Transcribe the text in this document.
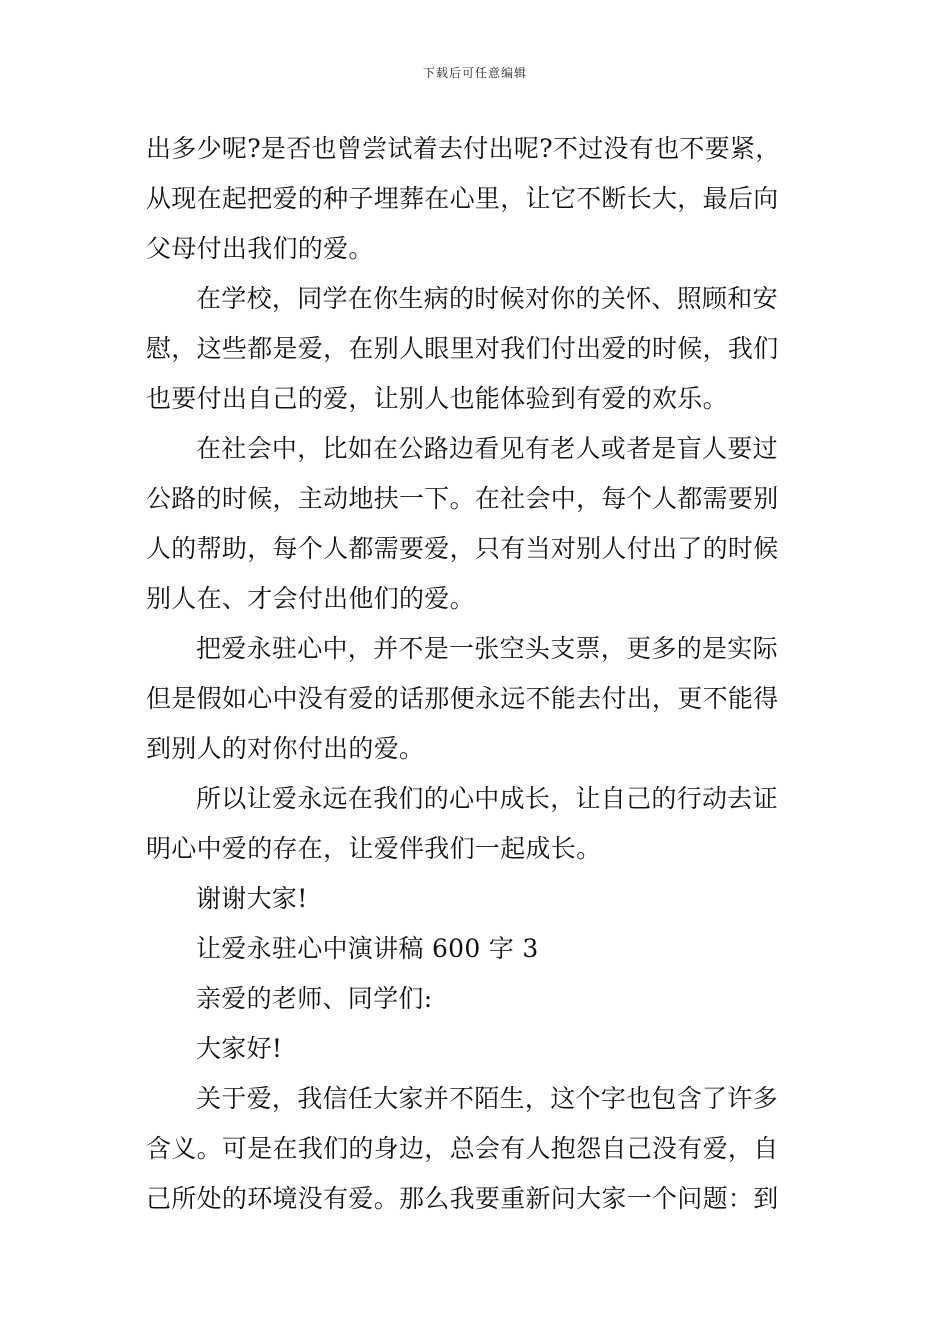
下载后可任意编辑
出多少呢?是否也曾尝试着去付出呢?不过没有也不要紧，
从现在起把爱的种子埋葬在心里，让它不断长大，最后向
父母付出我们的爱。
在学校，同学在你生病的时候对你的关怀、照顾和安
慰，这些都是爱，在别人眼里对我们付出爱的时候，我们
也要付出自己的爱，让别人也能体验到有爱的欢乐。
在社会中，比如在公路边看见有老人或者是盲人要过
公路的时候，主动地扶一下。在社会中，每个人都需要别
人的帮助，每个人都需要爱，只有当对别人付出了的时候
别人在、才会付出他们的爱。
把爱永驻心中，并不是一张空头支票，更多的是实际
但是假如心中没有爱的话那便永远不能去付出，更不能得
到别人的对你付出的爱。
所以让爱永远在我们的心中成长，让自己的行动去证
明心中爱的存在，让爱伴我们一起成长。
谢谢大家!
让爱永驻心中演讲稿 600 字 3
亲爱的老师、同学们:
大家好!
关于爱，我信任大家并不陌生，这个字也包含了许多
含义。可是在我们的身边，总会有人抱怨自己没有爱，自
己所处的环境没有爱。那么我要重新问大家一个问题：到
